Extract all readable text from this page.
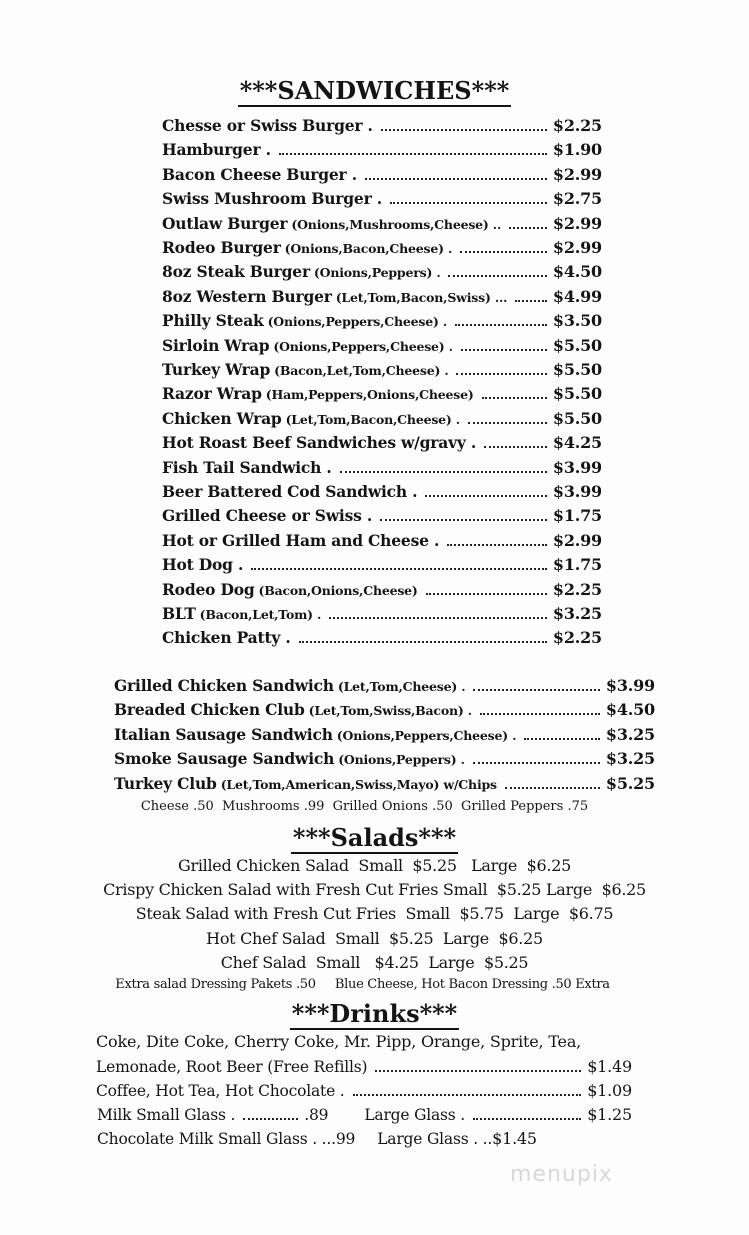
***SANDWICHES***
Chesse or Swiss Burger .	$2.25
Hamburger .	$1.90
Bacon Cheese Burger .	$2.99
Swiss Mushroom Burger .	$2.75
Outlaw Burger (Onions,Mushrooms,Cheese) ..	$2.99
Rodeo Burger (Onions,Bacon,Cheese) .	$2.99
8oz Steak Burger (Onions,Peppers) .	$4.50
8oz Western Burger (Let,Tom,Bacon,Swiss) ...	$4.99
Philly Steak (Onions,Peppers,Cheese) .	$3.50
Sirloin Wrap (Onions,Peppers,Cheese) .	$5.50
Turkey Wrap (Bacon,Let,Tom,Cheese) .	$5.50
Razor Wrap (Ham,Peppers,Onions,Cheese)	$5.50
Chicken Wrap (Let,Tom,Bacon,Cheese) .	$5.50
Hot Roast Beef Sandwiches w/gravy .	$4.25
Fish Tail Sandwich .	$3.99
Beer Battered Cod Sandwich .	$3.99
Grilled Cheese or Swiss .	$1.75
Hot or Grilled Ham and Cheese .	$2.99
Hot Dog .	$1.75
Rodeo Dog (Bacon,Onions,Cheese)	$2.25
BLT (Bacon,Let,Tom) .	$3.25
Chicken Patty .	$2.25
Grilled Chicken Sandwich (Let,Tom,Cheese) .	$3.99
Breaded Chicken Club (Let,Tom,Swiss,Bacon) .	$4.50
Italian Sausage Sandwich (Onions,Peppers,Cheese) .	$3.25
Smoke Sausage Sandwich (Onions,Peppers) .	$3.25
Turkey Club (Let,Tom,American,Swiss,Mayo) w/Chips	$5.25
Cheese .50  Mushrooms .99  Grilled Onions .50  Grilled Peppers .75
***Salads***
Grilled Chicken Salad  Small  $5.25   Large  $6.25
Crispy Chicken Salad with Fresh Cut Fries Small  $5.25 Large  $6.25
Steak Salad with Fresh Cut Fries  Small  $5.75  Large  $6.75
Hot Chef Salad  Small  $5.25  Large  $6.25
Chef Salad  Small   $4.25  Large  $5.25
Extra salad Dressing Pakets .50     Blue Cheese, Hot Bacon Dressing .50 Extra
***Drinks***
Coke, Dite Coke, Cherry Coke, Mr. Pipp, Orange, Sprite, Tea,
Lemonade, Root Beer (Free Refills)	$1.49
Coffee, Hot Tea, Hot Chocolate .	$1.09
Milk Small Glass .	.89 Large Glass .	$1.25
Chocolate Milk Small Glass . .. .99 Large Glass . .. $1.45
menupix
